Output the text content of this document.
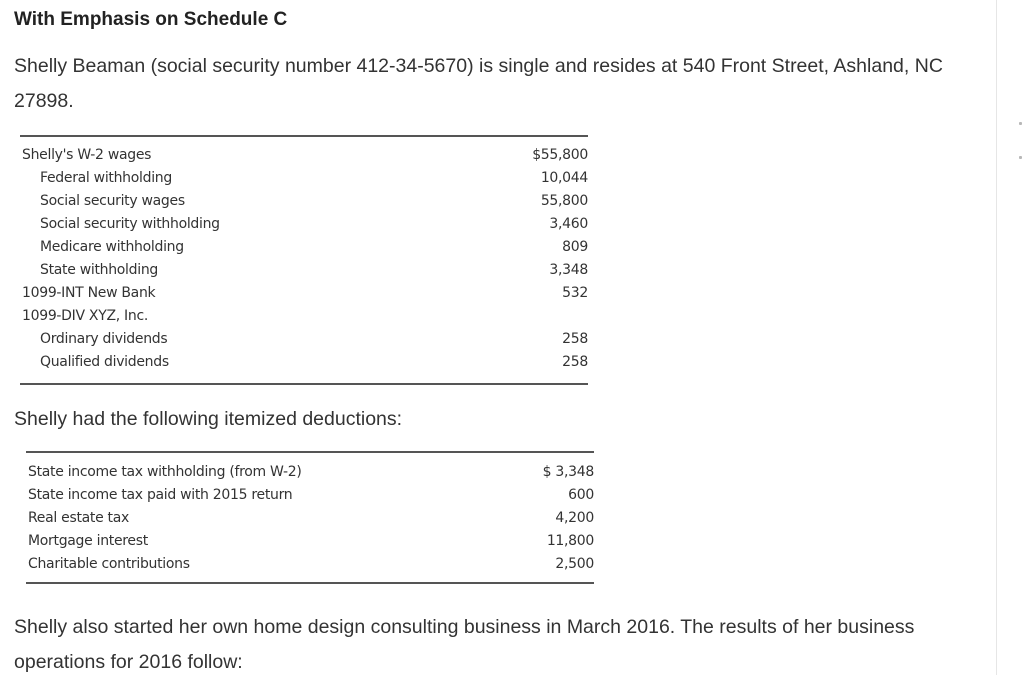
With Emphasis on Schedule C
Shelly Beaman (social security number 412-34-5670) is single and resides at 540 Front Street, Ashland, NC 27898.
Shelly's W-2 wages	$55,800
Federal withholding	10,044
Social security wages	55,800
Social security withholding	3,460
Medicare withholding	809
State withholding	3,348
1099-INT New Bank	532
1099-DIV XYZ, Inc.
Ordinary dividends	258
Qualified dividends	258
Shelly had the following itemized deductions:
State income tax withholding (from W-2)	$ 3,348
State income tax paid with 2015 return	600
Real estate tax	4,200
Mortgage interest	11,800
Charitable contributions	2,500
Shelly also started her own home design consulting business in March 2016. The results of her business operations for 2016 follow:
